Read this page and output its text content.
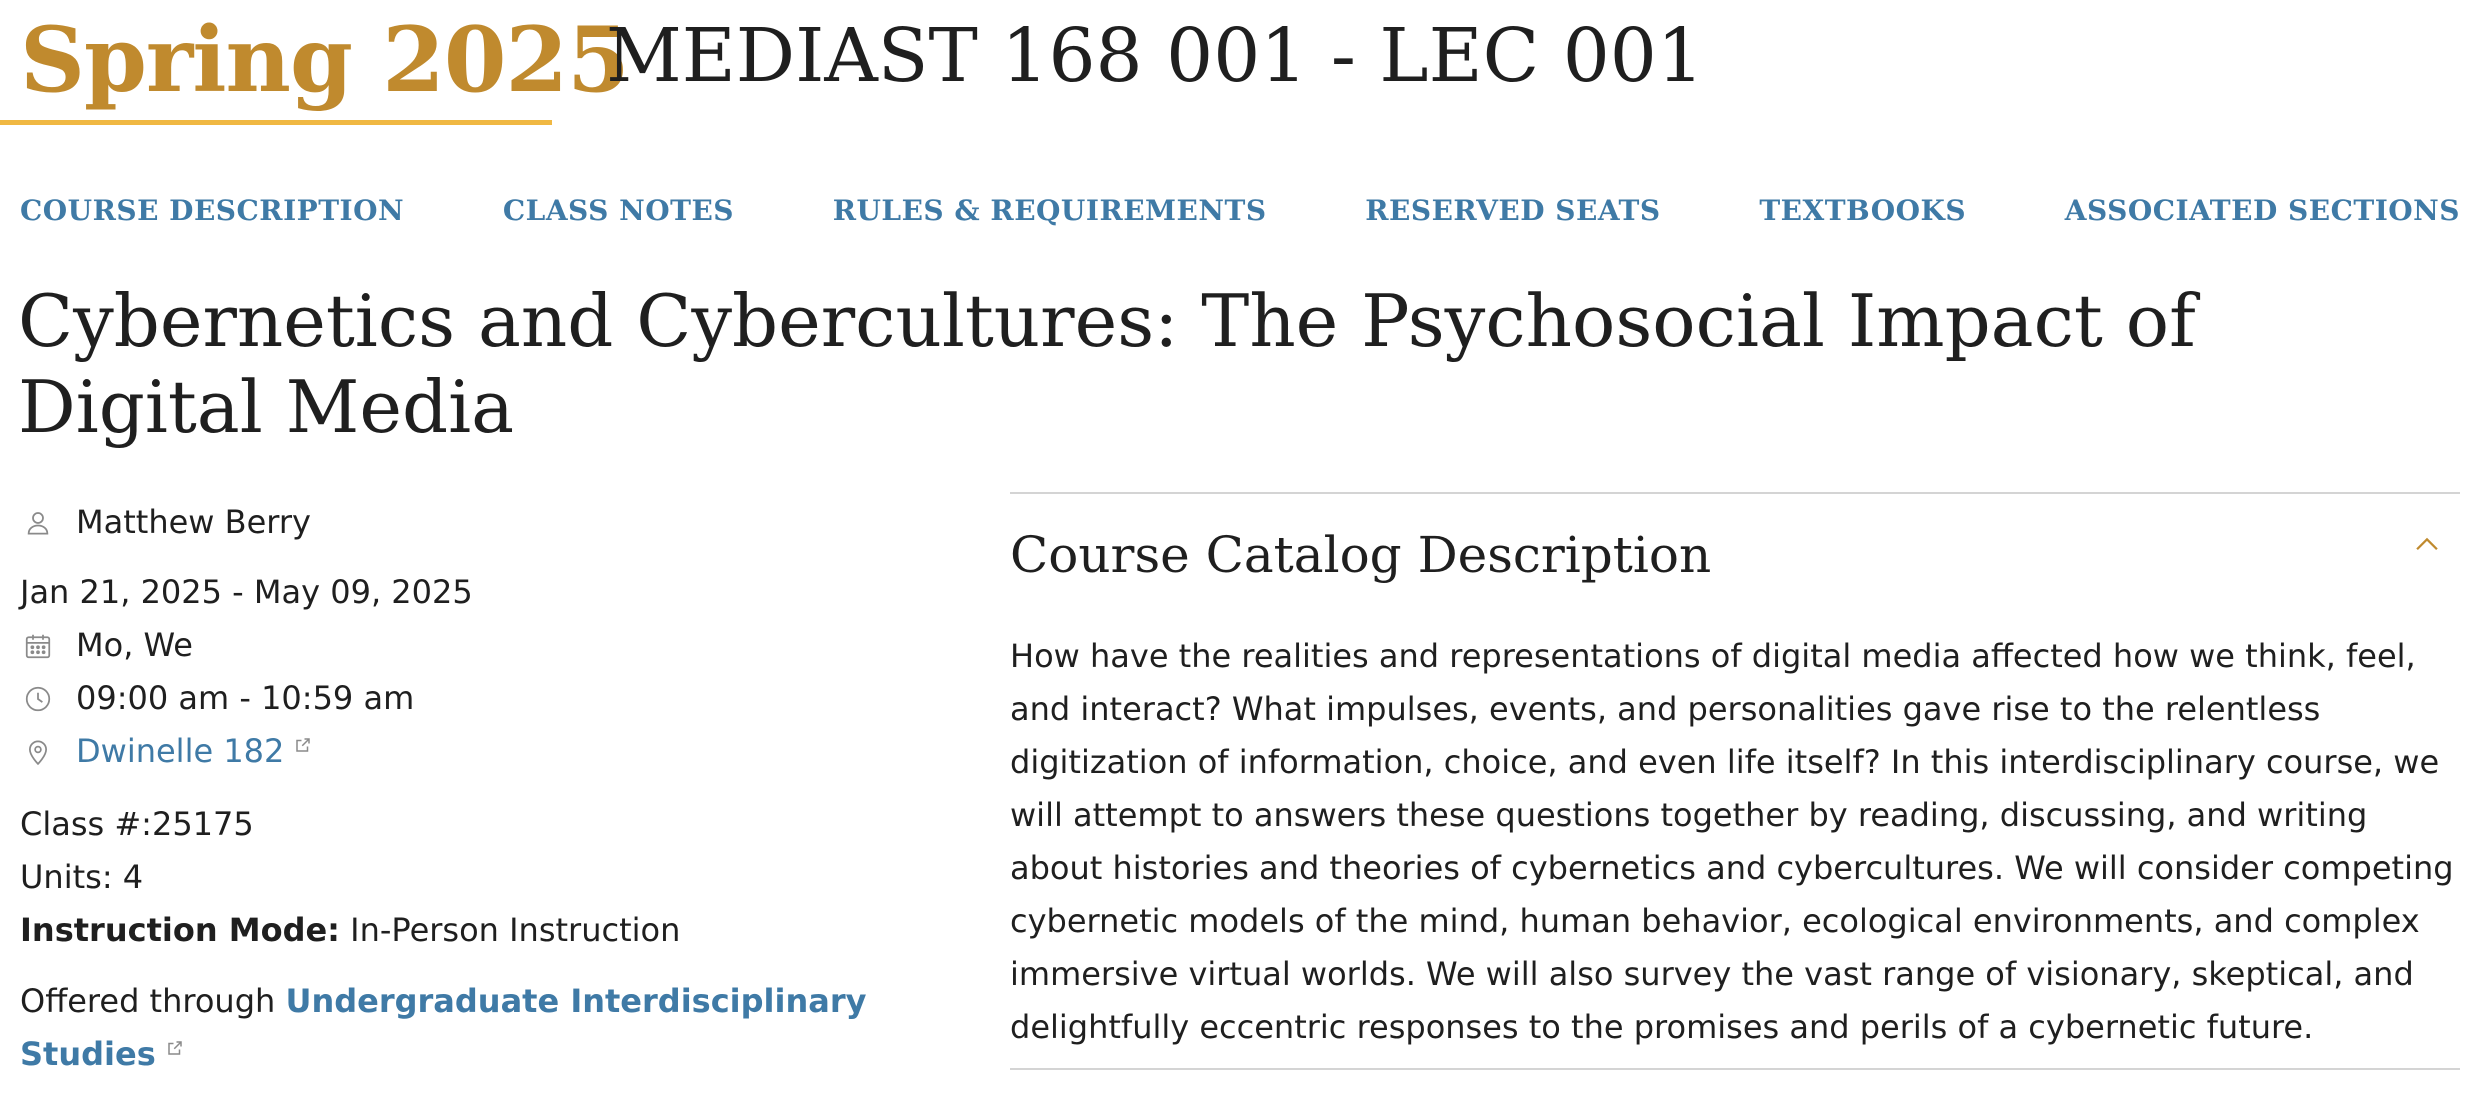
Spring 2025
MEDIAST 168 001 - LEC 001
COURSE DESCRIPTION	CLASS NOTES	RULES & REQUIREMENTS	RESERVED SEATS	TEXTBOOKS	ASSOCIATED SECTIONS
Cybernetics and Cybercultures: The Psychosocial Impact of Digital Media
Matthew Berry
Jan 21, 2025 - May 09, 2025
Mo, We
09:00 am - 10:59 am
Dwinelle 182
Class #:25175
Units: 4
Instruction Mode:
In-Person Instruction
Offered through Undergraduate Interdisciplinary Studies
Course Catalog Description

How have the realities and representations of digital media affected how we think, feel, and interact? What impulses, events, and personalities gave rise to the relentless digitization of information, choice, and even life itself? In this interdisciplinary course, we will attempt to answers these questions together by reading, discussing, and writing about histories and theories of cybernetics and cybercultures. We will consider competing cybernetic models of the mind, human behavior, ecological environments, and complex immersive virtual worlds. We will also survey the vast range of visionary, skeptical, and delightfully eccentric responses to the promises and perils of a cybernetic future.
